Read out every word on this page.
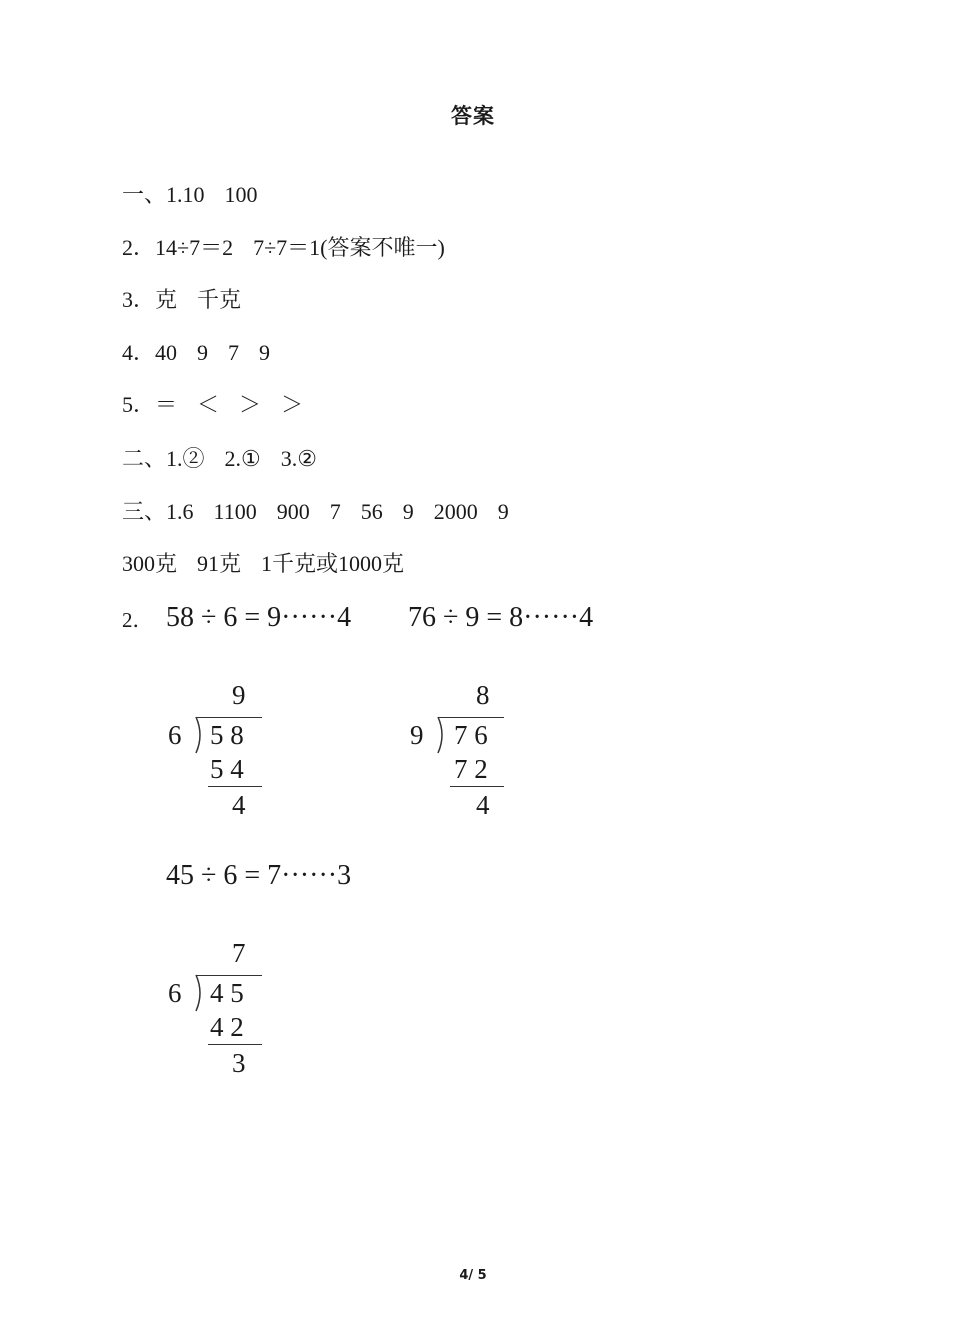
答案
一、1.10 100
2．14÷7＝2 7÷7＝1(答案不唯一)
3．克 千克
4．40 9 7 9
5．＝ ＜ ＞ ＞
二、1.② 2.① 3.②
三、1.6 1100 900 7 56 9 2000 9
300克 91克 1千克或1000克
2． 58 ÷ 6 = 9······4 76 ÷ 9 = 8······4
45 ÷ 6 = 7······3
9
6 5 8
5 4
4
8
9 7 6
7 2
4
7
6 4 5
4 2
3
4/ 5
